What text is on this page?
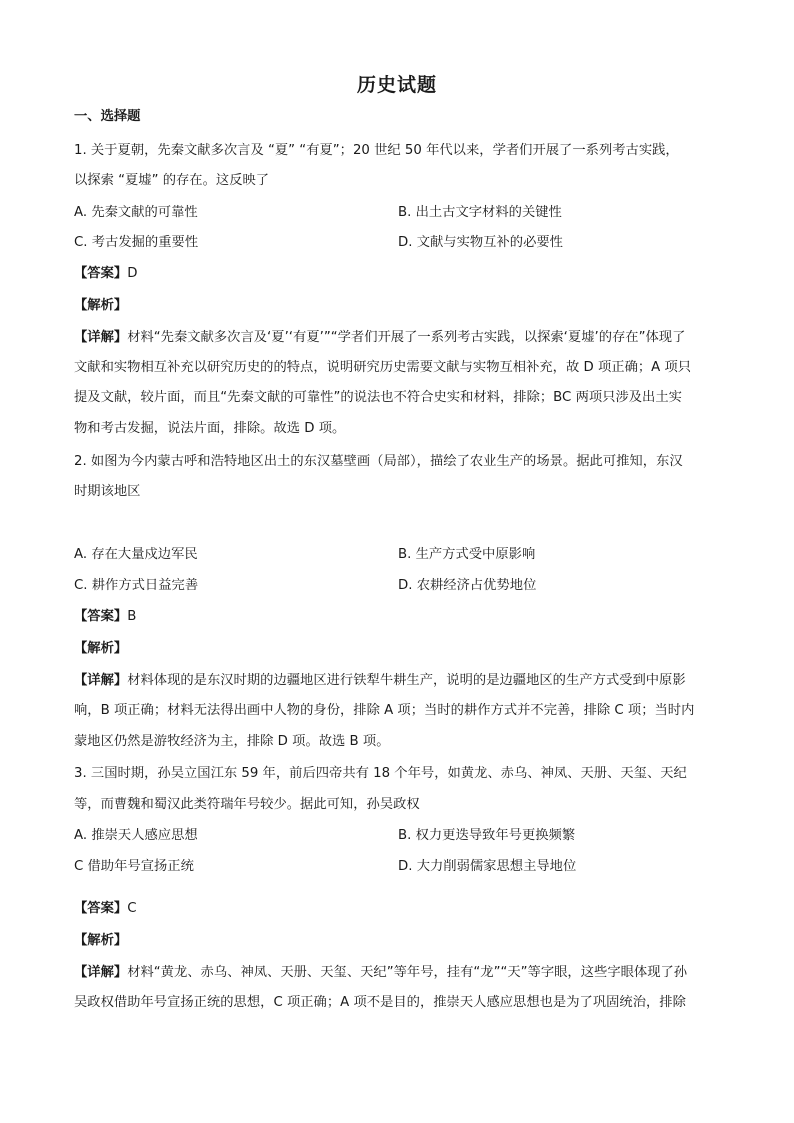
历史试题
一、选择题
1. 关于夏朝，先秦文献多次言及 “夏” “有夏”；20 世纪 50 年代以来，学者们开展了一系列考古实践，
以探索 “夏墟” 的存在。这反映了
A. 先秦文献的可靠性	B. 出土古文字材料的关键性
C. 考古发掘的重要性	D. 文献与实物互补的必要性
【答案】D
【解析】
【详解】材料“先秦文献多次言及‘夏’‘有夏’”“学者们开展了一系列考古实践，以探索‘夏墟’的存在”体现了
文献和实物相互补充以研究历史的的特点，说明研究历史需要文献与实物互相补充，故 D 项正确；A 项只
提及文献，较片面，而且“先秦文献的可靠性”的说法也不符合史实和材料，排除；BC 两项只涉及出土实
物和考古发掘，说法片面，排除。故选 D 项。
2. 如图为今内蒙古呼和浩特地区出土的东汉墓壁画（局部），描绘了农业生产的场景。据此可推知，东汉
时期该地区
A. 存在大量戍边军民	B. 生产方式受中原影响
C. 耕作方式日益完善	D. 农耕经济占优势地位
【答案】B
【解析】
【详解】材料体现的是东汉时期的边疆地区进行铁犁牛耕生产，说明的是边疆地区的生产方式受到中原影
响，B 项正确；材料无法得出画中人物的身份，排除 A 项；当时的耕作方式并不完善，排除 C 项；当时内
蒙地区仍然是游牧经济为主，排除 D 项。故选 B 项。
3. 三国时期，孙吴立国江东 59 年，前后四帝共有 18 个年号，如黄龙、赤乌、神凤、天册、天玺、天纪
等，而曹魏和蜀汉此类符瑞年号较少。据此可知，孙吴政权
A. 推崇天人感应思想	B. 权力更迭导致年号更换频繁
C 借助年号宣扬正统	D. 大力削弱儒家思想主导地位
【答案】C
【解析】
【详解】材料“黄龙、赤乌、神凤、天册、天玺、天纪”等年号，挂有“龙”“天”等字眼，这些字眼体现了孙
吴政权借助年号宣扬正统的思想，C 项正确；A 项不是目的，推崇天人感应思想也是为了巩固统治，排除
